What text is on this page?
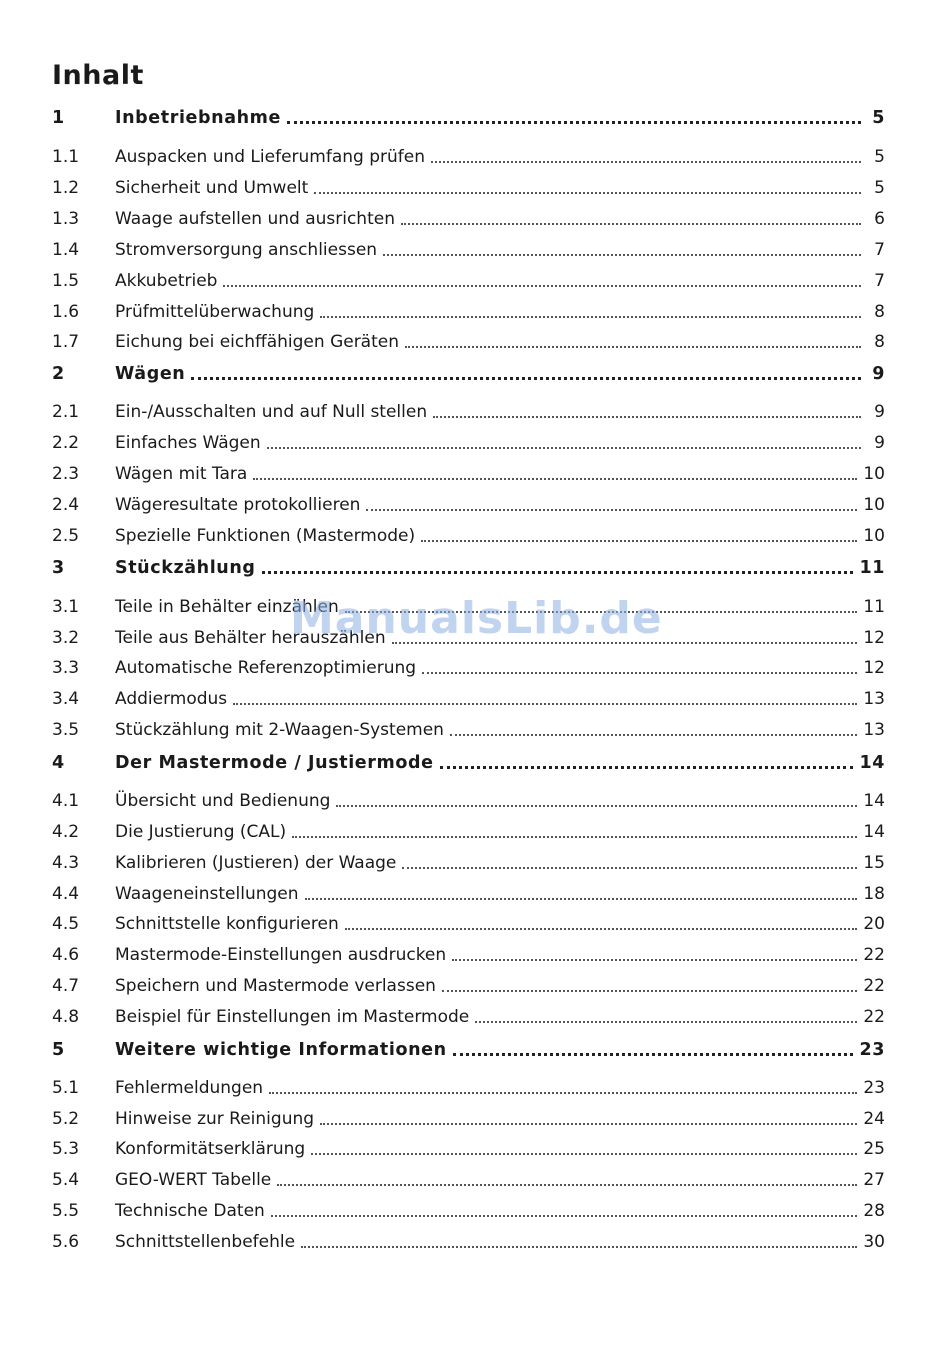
Inhalt
1	Inbetriebnahme	5
1.1	Auspacken und Lieferumfang prüfen	5
1.2	Sicherheit und Umwelt	5
1.3	Waage aufstellen und ausrichten	6
1.4	Stromversorgung anschliessen	7
1.5	Akkubetrieb	7
1.6	Prüfmittelüberwachung	8
1.7	Eichung bei eichffähigen Geräten	8
2	Wägen	9
2.1	Ein-/Ausschalten und auf Null stellen	9
2.2	Einfaches Wägen	9
2.3	Wägen mit Tara	10
2.4	Wägeresultate protokollieren	10
2.5	Spezielle Funktionen (Mastermode)	10
3	Stückzählung	11
3.1	Teile in Behälter einzählen	11
3.2	Teile aus Behälter herauszählen	12
3.3	Automatische Referenzoptimierung	12
3.4	Addiermodus	13
3.5	Stückzählung mit 2-Waagen-Systemen	13
4	Der Mastermode / Justiermode	14
4.1	Übersicht und Bedienung	14
4.2	Die Justierung (CAL)	14
4.3	Kalibrieren (Justieren) der Waage	15
4.4	Waageneinstellungen	18
4.5	Schnittstelle konfigurieren	20
4.6	Mastermode-Einstellungen ausdrucken	22
4.7	Speichern und Mastermode verlassen	22
4.8	Beispiel für Einstellungen im Mastermode	22
5	Weitere wichtige Informationen	23
5.1	Fehlermeldungen	23
5.2	Hinweise zur Reinigung	24
5.3	Konformitätserklärung	25
5.4	GEO-WERT Tabelle	27
5.5	Technische Daten	28
5.6	Schnittstellenbefehle	30
ManualsLib.de
